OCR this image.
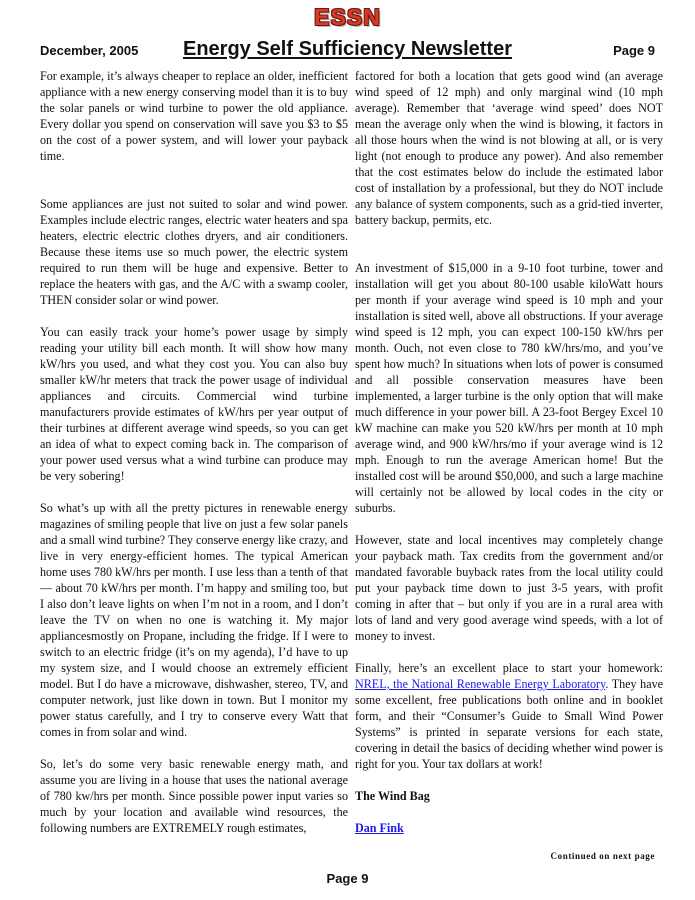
ESSN
December, 2005	Energy Self Sufficiency Newsletter	Page 9

For example, it’s always cheaper to replace an older, inefficient appliance with a new energy conserving model than it is to buy the solar panels or wind turbine to power the old appliance. Every dollar you spend on conservation will save you $3 to $5 on the cost of a power system, and will lower your payback time.

Some appliances are just not suited to solar and wind power. Examples include electric ranges, electric water heaters and spa heaters, electric electric clothes dryers, and air conditioners. Because these items use so much power, the electric system required to run them will be huge and expensive. Better to replace the heaters with gas, and the A/C with a swamp cooler, THEN consider solar or wind power.

You can easily track your home’s power usage by simply reading your utility bill each month. It will show how many kW/hrs you used, and what they cost you. You can also buy smaller kW/hr meters that track the power usage of individual appliances and circuits. Commercial wind turbine manufacturers provide estimates of kW/hrs per year output of their turbines at different average wind speeds, so you can get an idea of what to expect coming back in. The comparison of your power used versus what a wind turbine can produce may be very sobering!

So what’s up with all the pretty pictures in renewable energy magazines of smiling people that live on just a few solar panels and a small wind turbine? They conserve energy like crazy, and live in very energy-efficient homes. The typical American home uses 780 kW/hrs per month. I use less than a tenth of that — about 70 kW/hrs per month. I’m happy and smiling too, but I also don’t leave lights on when I’m not in a room, and I don’t leave the TV on when no one is watching it. My major appliancesmostly on Propane, including the fridge. If I were to switch to an electric fridge (it’s on my agenda), I’d have to up my system size, and I would choose an extremely efficient model. But I do have a microwave, dishwasher, stereo, TV, and computer network, just like down in town. But I monitor my power status carefully, and I try to conserve every Watt that comes in from solar and wind.

So, let’s do some very basic renewable energy math, and assume you are living in a house that uses the national average of 780 kw/hrs per month. Since possible power input varies so much by your location and available wind resources, the following numbers are EXTREMELY rough estimates,

factored for both a location that gets good wind (an average wind speed of 12 mph) and only marginal wind (10 mph average). Remember that ‘average wind speed’ does NOT mean the average only when the wind is blowing, it factors in all those hours when the wind is not blowing at all, or is very light (not enough to produce any power). And also remember that the cost estimates below do include the estimated labor cost of installation by a professional, but they do NOT include any balance of system components, such as a grid-tied inverter, battery backup, permits, etc.

An investment of $15,000 in a 9-10 foot turbine, tower and installation will get you about 80-100 usable kiloWatt hours per month if your average wind speed is 10 mph and your installation is sited well, above all obstructions. If your average wind speed is 12 mph, you can expect 100-150 kW/hrs per month. Ouch, not even close to 780 kW/hrs/mo, and you’ve spent how much? In situations when lots of power is consumed and all possible conservation measures have been implemented, a larger turbine is the only option that will make much difference in your power bill. A 23-foot Bergey Excel 10 kW machine can make you 520 kW/hrs per month at 10 mph average wind, and 900 kW/hrs/mo if your average wind is 12 mph. Enough to run the average American home! But the installed cost will be around $50,000, and such a large machine will certainly not be allowed by local codes in the city or suburbs.

However, state and local incentives may completely change your payback math. Tax credits from the government and/or mandated favorable buyback rates from the local utility could put your payback time down to just 3-5 years, with profit coming in after that – but only if you are in a rural area with lots of land and very good average wind speeds, with a lot of money to invest.

Finally, here’s an excellent place to start your homework: NREL, the National Renewable Energy Laboratory. They have some excellent, free publications both online and in booklet form, and their “Consumer’s Guide to Small Wind Power Systems” is printed in separate versions for each state, covering in detail the basics of deciding whether wind power is right for you. Your tax dollars at work!

The Wind Bag

Dan Fink

Continued on next page
Page 9
